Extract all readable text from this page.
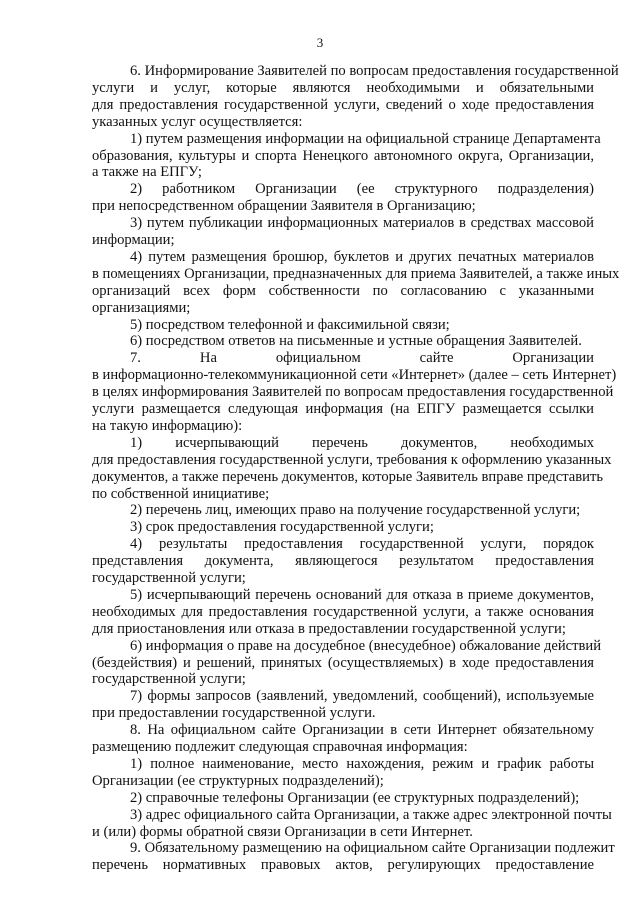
3
6. Информирование Заявителей по вопросам предоставления государственной
услуги и услуг, которые являются необходимыми и обязательными
для предоставления государственной услуги, сведений о ходе предоставления
указанных услуг осуществляется:
1) путем размещения информации на официальной странице Департамента
образования, культуры и спорта Ненецкого автономного округа, Организации,
а также на ЕПГУ;
2) работником Организации (ее структурного подразделения)
при непосредственном обращении Заявителя в Организацию;
3) путем публикации информационных материалов в средствах массовой
информации;
4) путем размещения брошюр, буклетов и других печатных материалов
в помещениях Организации, предназначенных для приема Заявителей, а также иных
организаций всех форм собственности по согласованию с указанными
организациями;
5) посредством телефонной и факсимильной связи;
6) посредством ответов на письменные и устные обращения Заявителей.
7. На официальном сайте Организации
в информационно-телекоммуникационной сети «Интернет» (далее – сеть Интернет)
в целях информирования Заявителей по вопросам предоставления государственной
услуги размещается следующая информация (на ЕПГУ размещается ссылки
на такую информацию):
1) исчерпывающий перечень документов, необходимых
для предоставления государственной услуги, требования к оформлению указанных
документов, а также перечень документов, которые Заявитель вправе представить
по собственной инициативе;
2) перечень лиц, имеющих право на получение государственной услуги;
3) срок предоставления государственной услуги;
4) результаты предоставления государственной услуги, порядок
представления документа, являющегося результатом предоставления
государственной услуги;
5) исчерпывающий перечень оснований для отказа в приеме документов,
необходимых для предоставления государственной услуги, а также основания
для приостановления или отказа в предоставлении государственной услуги;
6) информация о праве на досудебное (внесудебное) обжалование действий
(бездействия) и решений, принятых (осуществляемых) в ходе предоставления
государственной услуги;
7) формы запросов (заявлений, уведомлений, сообщений), используемые
при предоставлении государственной услуги.
8. На официальном сайте Организации в сети Интернет обязательному
размещению подлежит следующая справочная информация:
1) полное наименование, место нахождения, режим и график работы
Организации (ее структурных подразделений);
2) справочные телефоны Организации (ее структурных подразделений);
3) адрес официального сайта Организации, а также адрес электронной почты
и (или) формы обратной связи Организации в сети Интернет.
9. Обязательному размещению на официальном сайте Организации подлежит
перечень нормативных правовых актов, регулирующих предоставление
